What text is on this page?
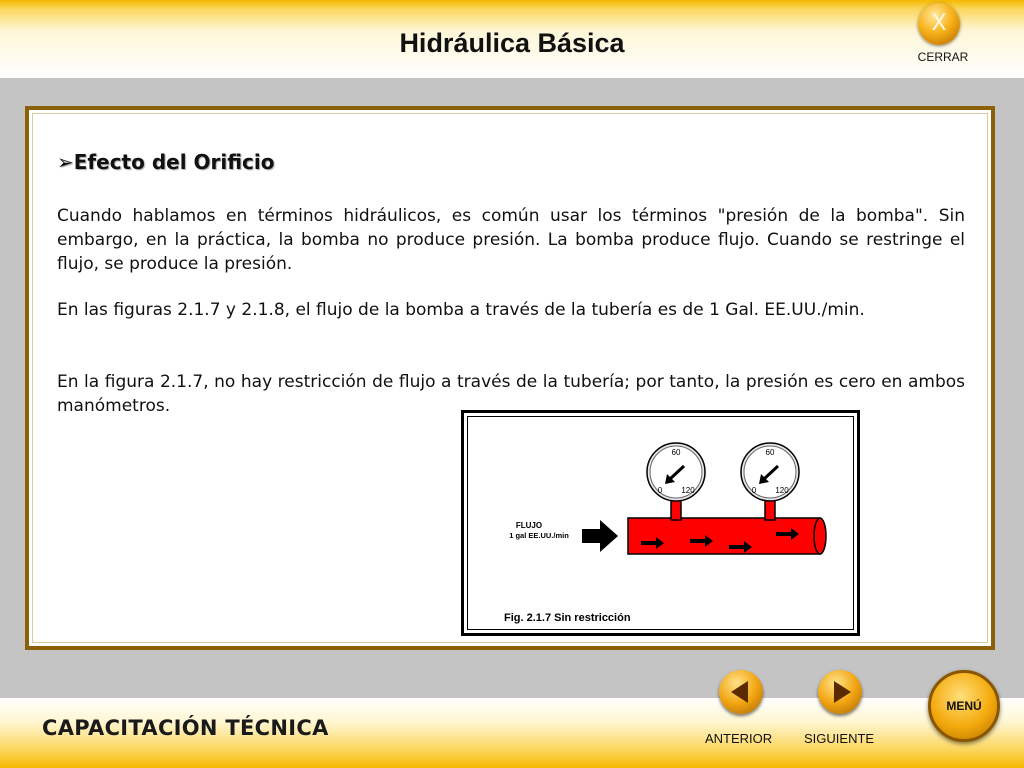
Hidráulica Básica
X
CERRAR
➢Efecto del Orificio

Cuando hablamos en términos hidráulicos, es común usar los términos "presión de la bomba". Sin embargo, en la práctica, la bomba no produce presión. La bomba produce flujo. Cuando se restringe el flujo, se produce la presión.

En las figuras 2.1.7 y 2.1.8, el flujo de la bomba a través de la tubería es de 1 Gal. EE.UU./min.

En la figura 2.1.7, no hay restricción de flujo a través de la tubería; por tanto, la presión es cero en ambos manómetros.

60
0 120
60
0 120
FLUJO
1 gal EE.UU./min
Fig. 2.1.7 Sin restricción
CAPACITACIÓN TÉCNICA	ANTERIOR SIGUIENTE
MENÚ
